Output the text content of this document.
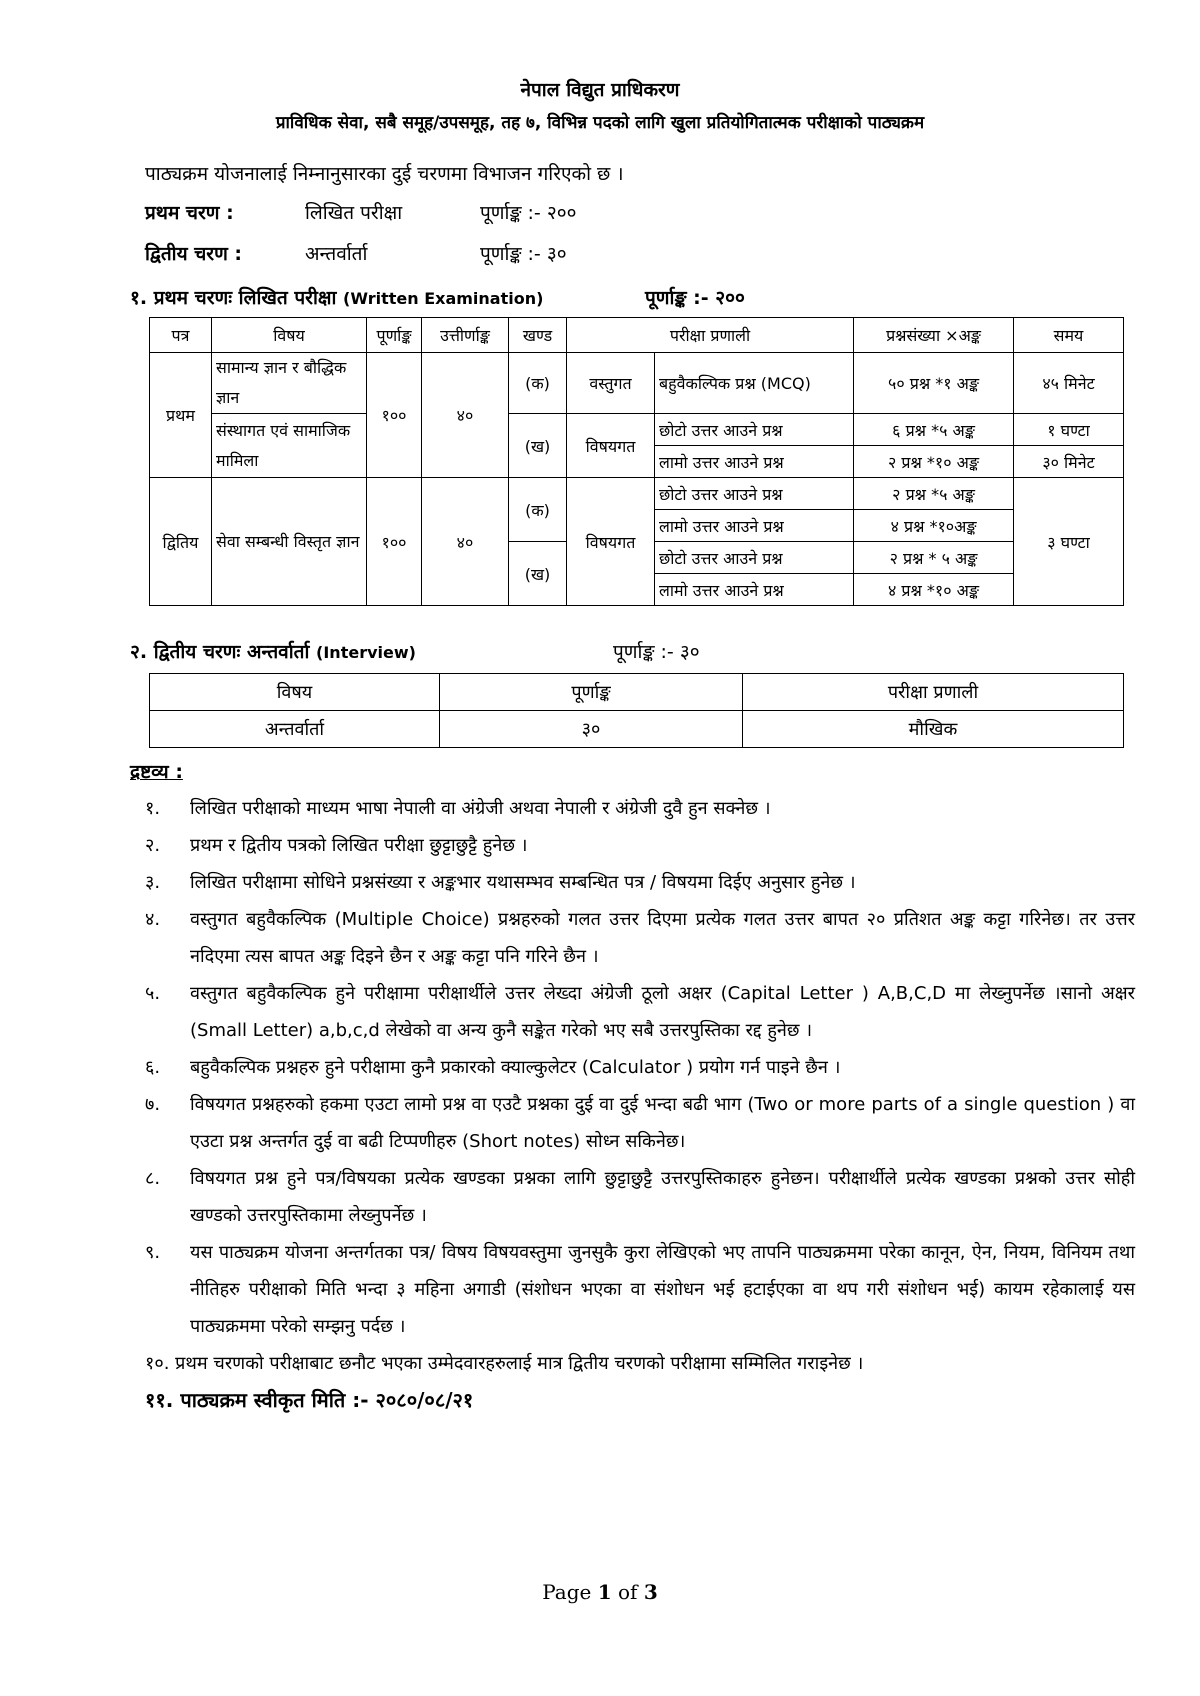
नेपाल विद्युत प्राधिकरण
प्राविधिक सेवा, सबै समूह/उपसमूह, तह ७, विभिन्न पदको लागि खुला प्रतियोगितात्मक परीक्षाको पाठ्यक्रम
पाठ्यक्रम योजनालाई निम्नानुसारका दुई चरणमा विभाजन गरिएको छ ।
प्रथम चरण :	लिखित परीक्षा	पूर्णाङ्क :- २००
द्वितीय चरण :	अन्तर्वार्ता	पूर्णाङ्क :- ३०
१. प्रथम चरणः लिखित परीक्षा (Written Examination)	पूर्णाङ्क :- २००
पत्र	विषय	पूर्णाङ्क	उत्तीर्णाङ्क	खण्ड	परीक्षा प्रणाली		प्रश्नसंख्या ×अङ्क	समय
प्रथम	सामान्य ज्ञान र बौद्धिक ज्ञान	१००	४०	(क)	वस्तुगत	बहुवैकल्पिक प्रश्न (MCQ)	५० प्रश्न *१ अङ्क	४५ मिनेट
	संस्थागत एवं सामाजिक मामिला			(ख)	विषयगत	छोटो उत्तर आउने प्रश्न	६ प्रश्न *५ अङ्क	१ घण्टा
						लामो उत्तर आउने प्रश्न	२ प्रश्न *१० अङ्क	३० मिनेट
द्वितिय	सेवा सम्बन्धी विस्तृत ज्ञान	१००	४०	(क)	विषयगत	छोटो उत्तर आउने प्रश्न	२ प्रश्न *५ अङ्क	३ घण्टा
						लामो उत्तर आउने प्रश्न	४ प्रश्न *१०अङ्क	
				(ख)		छोटो उत्तर आउने प्रश्न	२ प्रश्न * ५ अङ्क	
						लामो उत्तर आउने प्रश्न	४ प्रश्न *१० अङ्क	
२. द्वितीय चरणः अन्तर्वार्ता (Interview)	पूर्णाङ्क :- ३०
विषय	पूर्णाङ्क	परीक्षा प्रणाली
अन्तर्वार्ता	३०	मौखिक
द्रष्टव्य :

१. लिखित परीक्षाको माध्यम भाषा नेपाली वा अंग्रेजी अथवा नेपाली र अंग्रेजी दुवै हुन सक्नेछ ।

२. प्रथम र द्वितीय पत्रको लिखित परीक्षा छुट्टाछुट्टै हुनेछ ।

३. लिखित परीक्षामा सोधिने प्रश्नसंख्या र अङ्कभार यथासम्भव सम्बन्धित पत्र / विषयमा दिईए अनुसार हुनेछ ।

४. वस्तुगत बहुवैकल्पिक (Multiple Choice) प्रश्नहरुको गलत उत्तर दिएमा प्रत्येक गलत उत्तर बापत २० प्रतिशत अङ्क कट्टा गरिनेछ। तर उत्तर नदिएमा त्यस बापत अङ्क दिइने छैन र अङ्क कट्टा पनि गरिने छैन ।

५. वस्तुगत बहुवैकल्पिक हुने परीक्षामा परीक्षार्थीले उत्तर लेख्दा अंग्रेजी ठूलो अक्षर (Capital Letter ) A,B,C,D मा लेख्नुपर्नेछ ।सानो अक्षर (Small Letter) a,b,c,d लेखेको वा अन्य कुनै सङ्केत गरेको भए सबै उत्तरपुस्तिका रद्द हुनेछ ।

६. बहुवैकल्पिक प्रश्नहरु हुने परीक्षामा कुनै प्रकारको क्याल्कुलेटर (Calculator ) प्रयोग गर्न पाइने छैन ।

७. विषयगत प्रश्नहरुको हकमा एउटा लामो प्रश्न वा एउटै प्रश्नका दुई वा दुई भन्दा बढी भाग (Two or more parts of a single question ) वा एउटा प्रश्न अन्तर्गत दुई वा बढी टिप्पणीहरु (Short notes) सोध्न सकिनेछ।

८. विषयगत प्रश्न हुने पत्र/विषयका प्रत्येक खण्डका प्रश्नका लागि छुट्टाछुट्टै उत्तरपुस्तिकाहरु हुनेछन। परीक्षार्थीले प्रत्येक खण्डका प्रश्नको उत्तर सोही खण्डको उत्तरपुस्तिकामा लेख्नुपर्नेछ ।

९. यस पाठ्यक्रम योजना अन्तर्गतका पत्र/ विषय विषयवस्तुमा जुनसुकै कुरा लेखिएको भए तापनि पाठ्यक्रममा परेका कानून, ऐन, नियम, विनियम तथा नीतिहरु परीक्षाको मिति भन्दा ३ महिना अगाडी (संशोधन भएका वा संशोधन भई हटाईएका वा थप गरी संशोधन भई) कायम रहेकालाई यस पाठ्यक्रममा परेको सम्झनु पर्दछ ।

१०. प्रथम चरणको परीक्षाबाट छनौट भएका उम्मेदवारहरुलाई मात्र द्वितीय चरणको परीक्षामा सम्मिलित गराइनेछ ।

११. पाठ्यक्रम स्वीकृत मिति :- २०८०/०८/२१

Page 1 of 3
